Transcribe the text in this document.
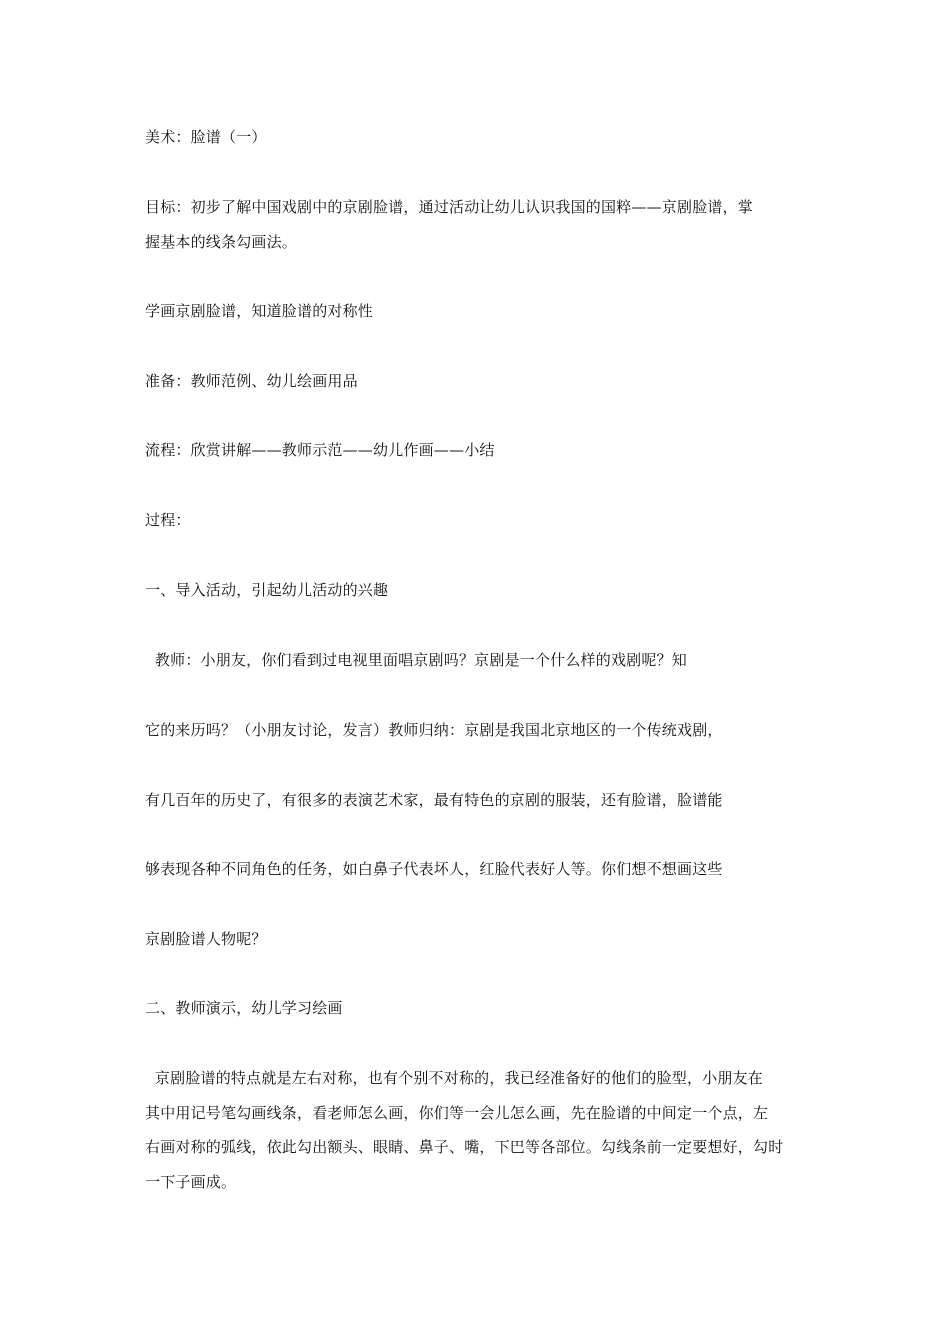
美术：脸谱（一）
目标：初步了解中国戏剧中的京剧脸谱，通过活动让幼儿认识我国的国粹——京剧脸谱，掌
握基本的线条勾画法。
学画京剧脸谱，知道脸谱的对称性
准备：教师范例、幼儿绘画用品
流程：欣赏讲解——教师示范——幼儿作画——小结
过程：
一、导入活动，引起幼儿活动的兴趣
教师：小朋友，你们看到过电视里面唱京剧吗？京剧是一个什么样的戏剧呢？知
它的来历吗？（小朋友讨论，发言）教师归纳：京剧是我国北京地区的一个传统戏剧，
有几百年的历史了，有很多的表演艺术家，最有特色的京剧的服装，还有脸谱，脸谱能
够表现各种不同角色的任务，如白鼻子代表坏人，红脸代表好人等。你们想不想画这些
京剧脸谱人物呢？
二、教师演示，幼儿学习绘画
京剧脸谱的特点就是左右对称，也有个别不对称的，我已经准备好的他们的脸型，小朋友在
其中用记号笔勾画线条，看老师怎么画，你们等一会儿怎么画，先在脸谱的中间定一个点，左
右画对称的弧线，依此勾出额头、眼睛、鼻子、嘴，下巴等各部位。勾线条前一定要想好，勾时
一下子画成。
